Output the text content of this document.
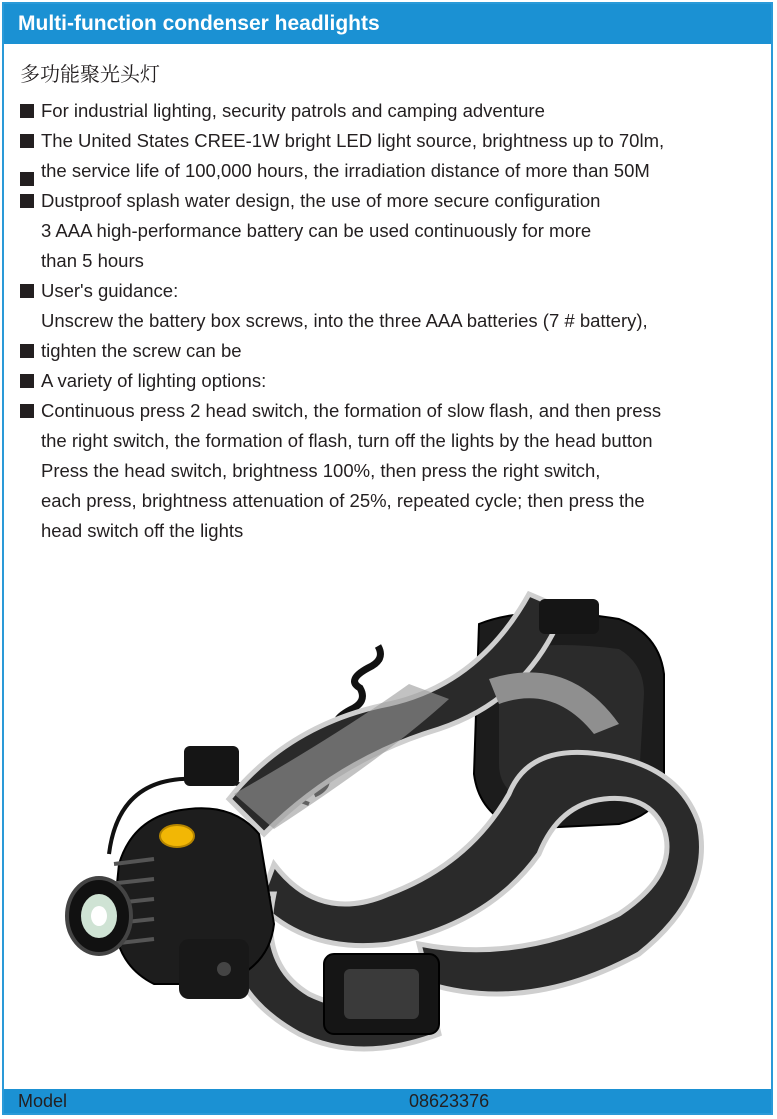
Multi-function condenser headlights
多功能聚光头灯
For industrial lighting, security patrols and camping adventure
The United States CREE-1W bright LED light source, brightness up to 70lm,
the service life of 100,000 hours, the irradiation distance of more than 50M
Dustproof splash water design, the use of more secure configuration
3 AAA high-performance battery can be used continuously for more
than 5 hours
User's guidance:
Unscrew the battery box screws, into the three AAA batteries (7 # battery),
tighten the screw can be
A variety of lighting options:
Continuous press 2 head switch, the formation of slow flash, and then press
the right switch, the formation of flash, turn off the lights by the head button
Press the head switch, brightness 100%, then press the right switch,
each press, brightness attenuation of 25%, repeated cycle; then press the
head switch off the lights
Model	08623376
